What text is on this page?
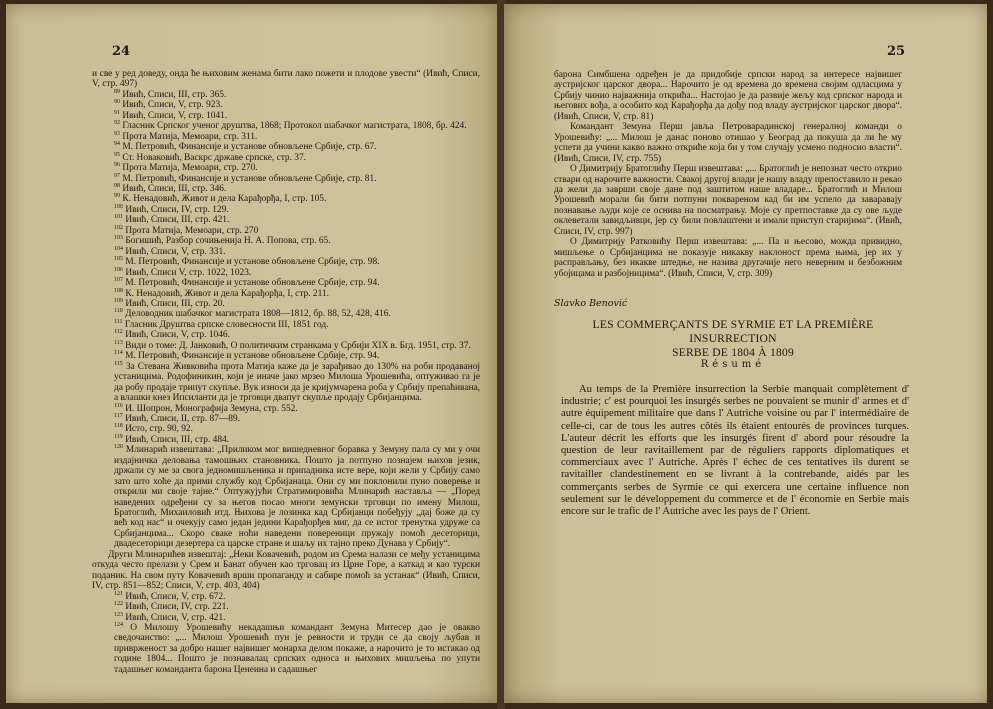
24

и све у ред доведу, онда ће њиховим женама бити лако пожети и плодове увести“ (Ивић, Списи, V, стр. 497)

$^{89}$ Ивић, Списи, III, стр. 365.

$^{90}$ Ивић, Списи, V, стр. 923.

$^{91}$ Ивић, Списи, V, стр. 1041.

$^{92}$ Гласник Српског ученог друштва, 1868; Протокол шабачког магистрата, 1808, бр. 424.

$^{93}$ Прота Матија, Мемоари, стр. 311.

$^{94}$ М. Петровић, Финансије и установе обновљене Србије, стр. 67.

$^{95}$ Ст. Новаковић, Васкрс државе српске, стр. 37.

$^{96}$ Прота Матија, Мемоари, стр. 270.

$^{97}$ М. Петровић, Финансије и установе обновљене Србије, стр. 81.

$^{98}$ Ивић, Списи, III, стр. 346.

$^{99}$ К. Ненадовић, Живот и дела Карађорђа, I, стр. 105.

$^{100}$ Ивић, Списи, IV, стр. 129.

$^{101}$ Ивић, Списи, III, стр. 421.

$^{102}$ Прота Матија, Мемоари, стр. 270

$^{103}$ Богишић, Разбор сочињенија Н. А. Попова, стр. 65.

$^{104}$ Ивић, Списи, V, стр. 331.

$^{105}$ М. Петровић, Финансије и установе обновљене Србије, стр. 98.

$^{106}$ Ивић, Списи V, стр. 1022, 1023.

$^{107}$ М. Петровић, Финансије и установе обновљене Србије, стр. 94.

$^{108}$ К. Ненадовић, Живот и дела Карађорђа, I, стр. 211.

$^{109}$ Ивић, Списи, III, стр. 20.

$^{110}$ Деловодник шабачког магистрата 1808—1812, бр. 88, 52, 428, 416.

$^{111}$ Гласник Друштва српске словесности III, 1851 год.

$^{112}$ Ивић, Списи, V, стр. 1046.

$^{113}$ Види о томе: Д. Јанковић, О политичким странкама у Србији XIX в. Бгд. 1951, стр. 37.

$^{114}$ М. Петровић, Финансије и установе обновљене Србије, стр. 94.

$^{115}$ За Стевана Живковића прота Матија каже да је зарађивао до 130% на роби продаваној устаницима. Родофиникин, који је иначе јако мрзео Милоша Урошевића, оптуживао га је да робу продаје трипут скупље. Вук износи да је кријумчарена роба у Србију препаћивана, а влашки кнез Ипсиланти да је трговци двапут скупље продају Србијанцима.

$^{116}$ И. Шопрон, Монографија Земуна, стр. 552.

$^{117}$ Ивић, Списи, II, стр. 87—89.

$^{118}$ Исто, стр. 90, 92.

$^{119}$ Ивић, Списи, III, стр. 484.

$^{120}$ Млинарић извештава: „Приликом мог вишедневног боравка у Земуну пала су ми у очи издајничка деловања тамошњих становника. Пошто ја потпуно познајем њихов језик, држали су ме за свога једномишљеника и припадника исте вере, који жели у Србију само зато што хоће да прими службу код Србијанаца. Они су ми поклонили пуно поверење и открили ми своје тајне.“ Оптужујући Стратимировића Млинарић наставља — „Поред наведених одређени су за његов посао многи земунски трговци по имену Милош, Братоглић, Михаиловић итд. Њихова је лозинка кад Србијанци побеђују „дај боже да су већ код нас“ и очекују само један једини Карађорђев миг, да се истог тренутка удруже са Србијанцима... Скоро сваке ноћи наведени повереници пружају помоћ десеторици, двадесеторици дезертера са царске стране и шаљу их тајно преко Дунава у Србију“.

Други Млинарићев извештај: „Неки Ковачевић, родом из Срема налази се међу устаницима откуда често прелази у Срем и Банат обучен као трговац из Црне Горе, а каткад и као турски поданик. На свом путу Ковачевић врши пропаганду и сабире помоћ за устанак“ (Ивић, Списи, IV, стр. 851—852; Списи, V, стр. 403, 404)

$^{121}$ Ивић, Списи, V, стр. 672.

$^{122}$ Ивић, Списи, IV, стр. 221.

$^{123}$ Ивић, Списи, V, стр. 421.

$^{124}$ О Милошу Урошевићу некадашњи командант Земуна Митесер дао је овакво сведочанство: „... Милош Урошевић пун је ревности и труди се да своју љубав и привржeност за добро нашег највишег монарха делом покаже, а нарочито је то истакао од године 1804... Пошто је познавалац српских односа и њихових мишљења по упути тадашњег команданта барона Ценеина и садашњег

25

барона Симбшена одређен је да придобије српски народ за интересе највишег аустријског царског двора... Нарочито је од времена до времена својим одласцима у Србију чинио најважнија открића... Настојао је да развије жељу код српског народа и његових вођа, а особито код Карађорђа да дођу под владу аустријског царског двора“. (Ивић, Списи, V, стр. 81)

Командант Земуна Перш јавља Петроварадинској генералној команди о Урошевићу: „... Милош је данас поново отишао у Београд да покуша да ли ће му успети да учини какво важно откриће која би у том случају усмено подносио власти“. (Ивић, Списи, IV, стр. 755)

О Димитрију Братоглићу Перш извештава: „... Братоглић је непознат често открио ствари од нарочите важности. Свакој другој влади је нашу владу препоставило и рекао да жели да заврши своје дане под заштитом наше владаре... Братоглић и Милош Урошевић морали би бити потпуни поквареном кад би им успело да заваравају познавање људи које се оснива на посматрању. Моје су претпоставке да су ове људе оклеветали завидљивци, јер су били повлаштени и имали приступ старијима“. (Ивић, Списи, IV, стр. 997)

О Димитрију Ратковићу Перш извештава: „... Па и њесово, можда привидно, мишљење о Србијанцима не показује никакву наклоност према њима, јер их у расправљању, без икакве штедње, не назива другачије него неверним и безбожним убојицама и разбојницима“. (Ивић, Списи, V, стр. 309)

Slavko Benović
LES COMMERÇANTS DE SYRMIE ET LA PREMIÈRE INSURRECTION
SERBE DE 1804 À 1809
Résumé

Au temps de la Première insurrection la Serbie manquait complètement d' industrie; c' est pourquoi les insurgés serbes ne pouvaient se munir d' armes et d' autre équipement militaire que dans l' Autriche voisine ou par l' intermédiaire de celle-ci, car de tous les autres côtés ils étaient entourés de provinces turques. L'auteur décrit les efforts que les insurgés firent d' abord pour résoudre la question de leur ravitaillement par de réguliers rapports diplomatiques et commerciaux avec l' Autriche. Après l' échec de ces tentatives ils durent se ravitailler clandestinement en se livrant à la contrebande, aidés par les commerçants serbes de Syrmie ce qui exercera une certaine influence non seulement sur le développement du commerce et de l' économie en Serbie mais encore sur le trafic de l' Autriche avec les pays de l' Orient.
